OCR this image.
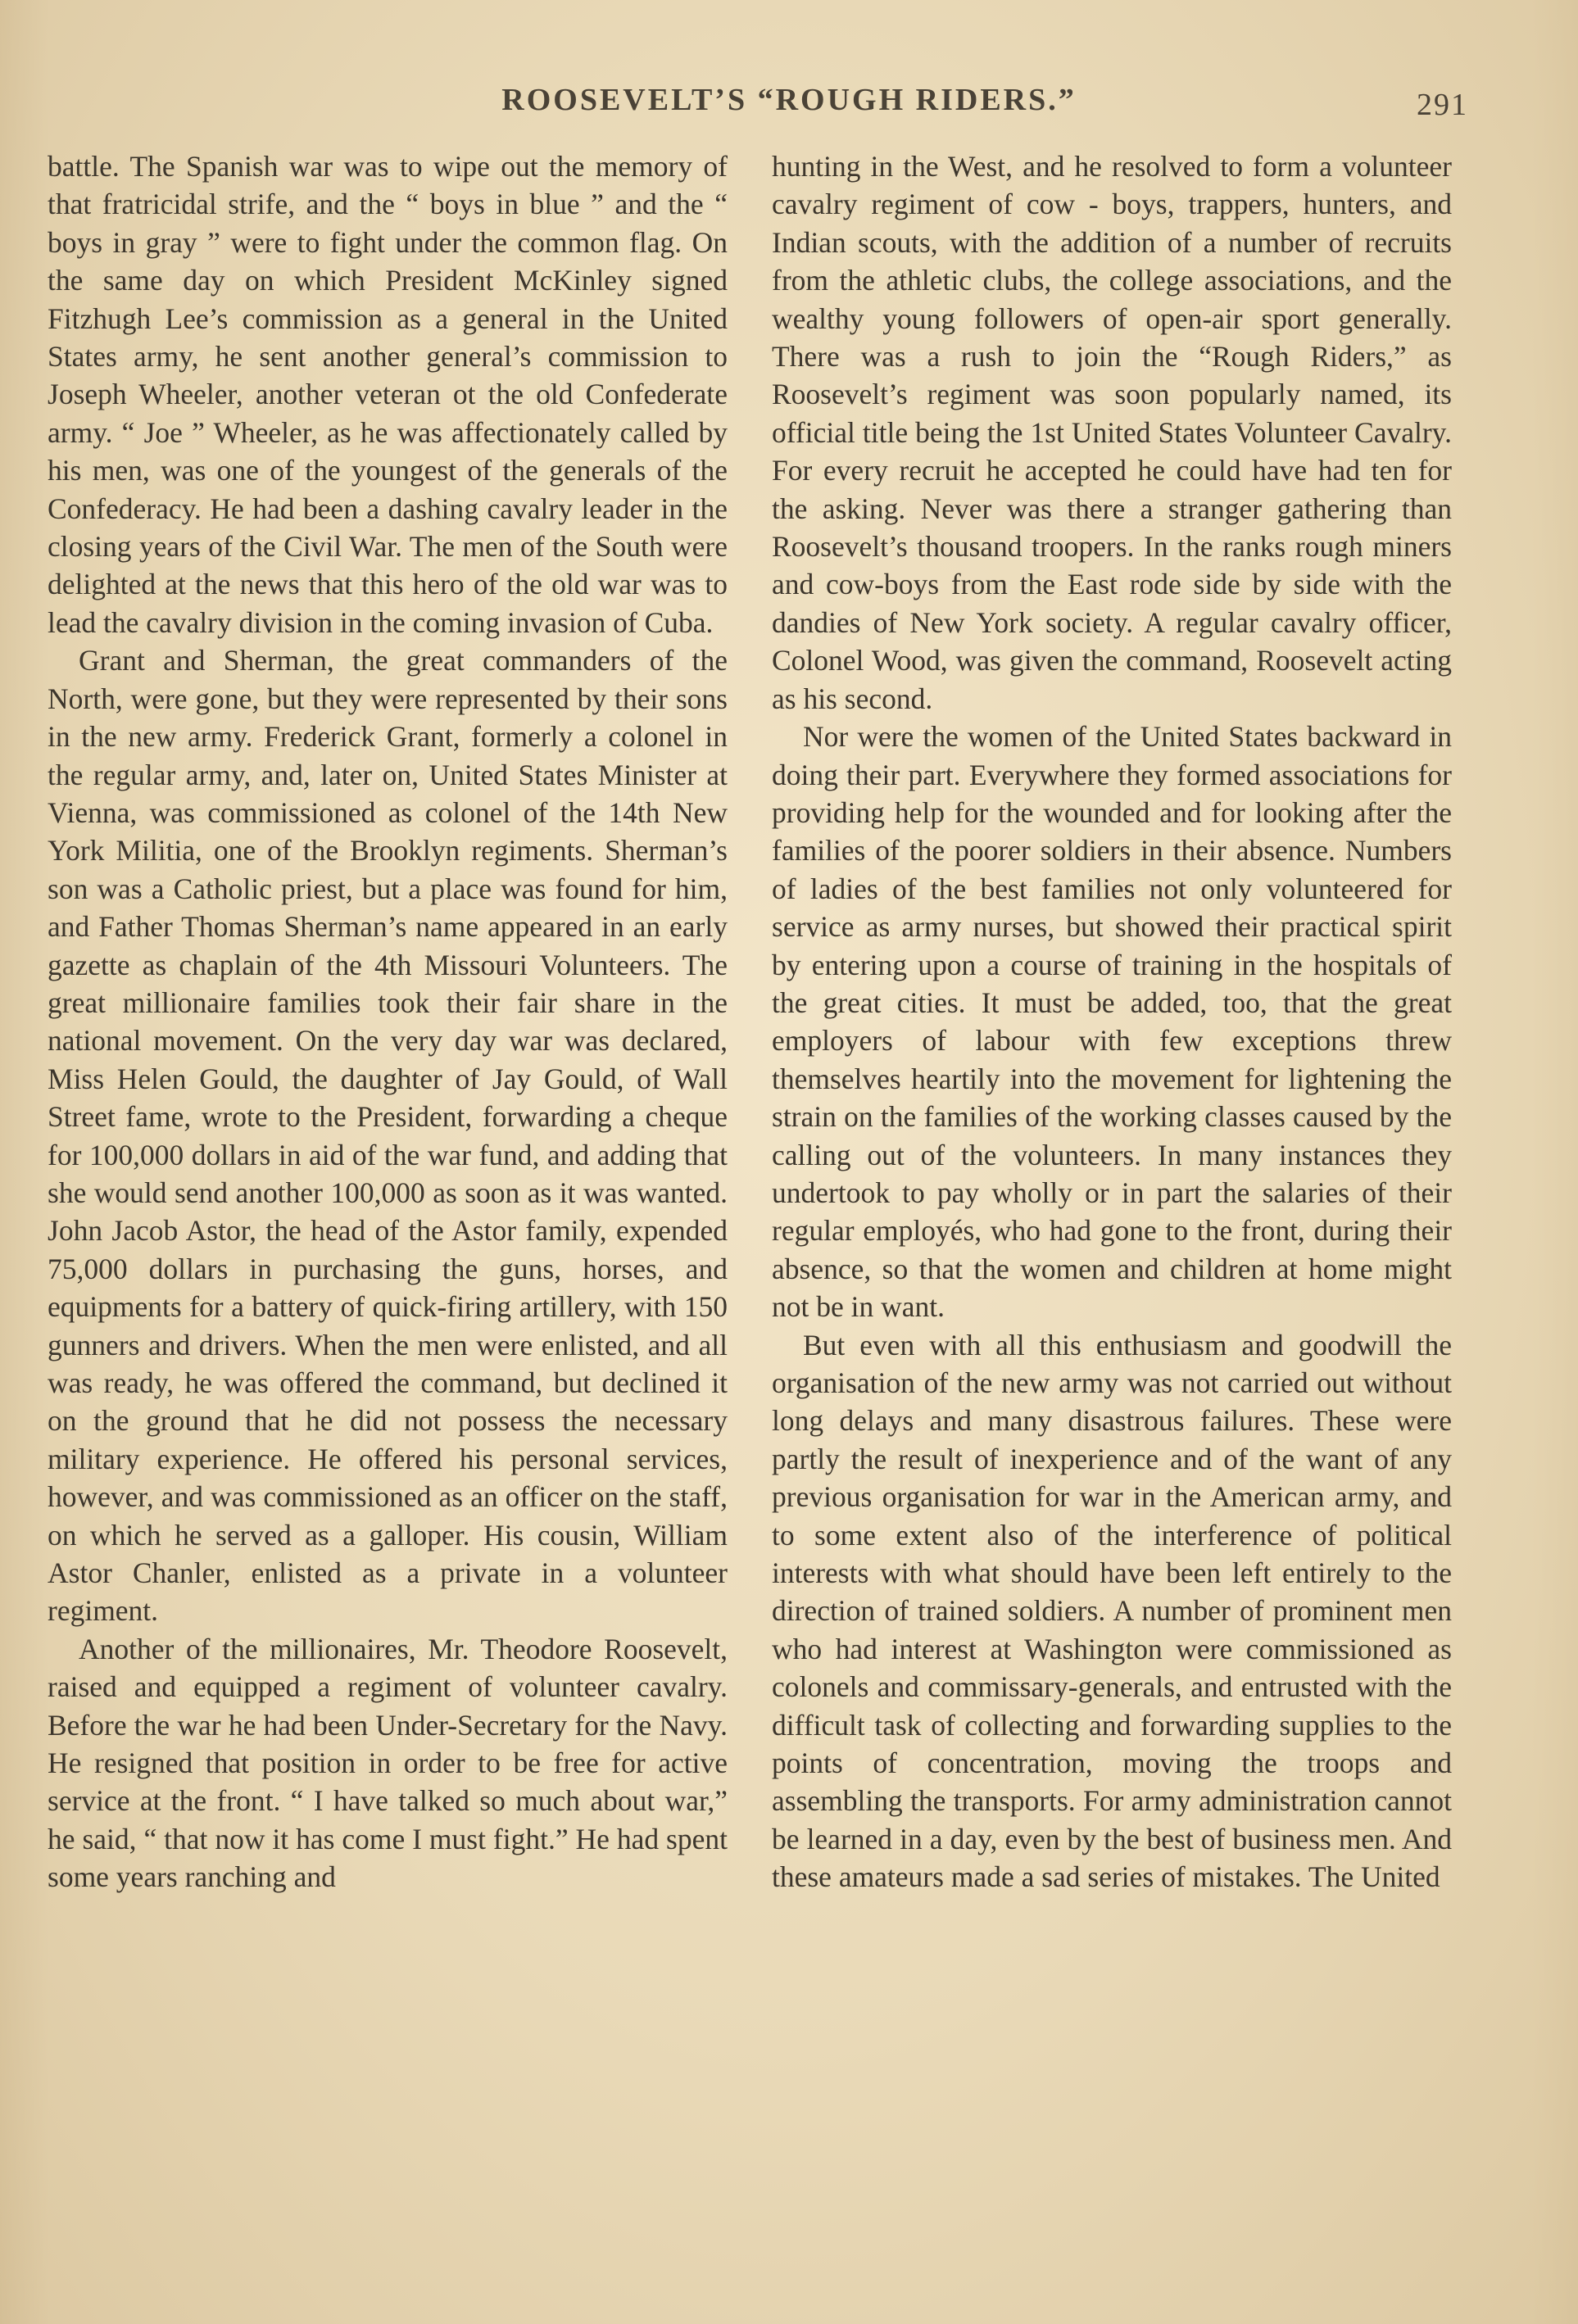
ROOSEVELT’S “ROUGH RIDERS.”	291

battle. The Spanish war was to wipe out the memory of that fratricidal strife, and the “ boys in blue ” and the “ boys in gray ” were to fight under the common flag. On the same day on which President McKinley signed Fitzhugh Lee’s commission as a general in the United States army, he sent another general’s commission to Joseph Wheeler, another veteran ot the old Confederate army. “ Joe ” Wheeler, as he was affectionately called by his men, was one of the youngest of the generals of the Confederacy. He had been a dashing cavalry leader in the closing years of the Civil War. The men of the South were delighted at the news that this hero of the old war was to lead the cavalry division in the coming invasion of Cuba.

Grant and Sherman, the great commanders of the North, were gone, but they were represented by their sons in the new army. Frederick Grant, formerly a colonel in the regular army, and, later on, United States Minister at Vienna, was commissioned as colonel of the 14th New York Militia, one of the Brooklyn regiments. Sherman’s son was a Catholic priest, but a place was found for him, and Father Thomas Sherman’s name appeared in an early gazette as chaplain of the 4th Missouri Volunteers. The great millionaire families took their fair share in the national movement. On the very day war was declared, Miss Helen Gould, the daughter of Jay Gould, of Wall Street fame, wrote to the President, forwarding a cheque for 100,000 dollars in aid of the war fund, and adding that she would send another 100,000 as soon as it was wanted. John Jacob Astor, the head of the Astor family, expended 75,000 dollars in purchasing the guns, horses, and equipments for a battery of quick-firing artillery, with 150 gunners and drivers. When the men were enlisted, and all was ready, he was offered the command, but declined it on the ground that he did not possess the necessary military experience. He offered his personal services, however, and was commissioned as an officer on the staff, on which he served as a galloper. His cousin, William Astor Chanler, enlisted as a private in a volunteer regiment.

Another of the millionaires, Mr. Theodore Roosevelt, raised and equipped a regiment of volunteer cavalry. Before the war he had been Under-Secretary for the Navy. He resigned that position in order to be free for active service at the front. “ I have talked so much about war,” he said, “ that now it has come I must fight.” He had spent some years ranching and

hunting in the West, and he resolved to form a volunteer cavalry regiment of cow - boys, trappers, hunters, and Indian scouts, with the addition of a number of recruits from the athletic clubs, the college associations, and the wealthy young followers of open-air sport generally. There was a rush to join the “Rough Riders,” as Roosevelt’s regiment was soon popularly named, its official title being the 1st United States Volunteer Cavalry. For every recruit he accepted he could have had ten for the asking. Never was there a stranger gathering than Roosevelt’s thousand troopers. In the ranks rough miners and cow-boys from the East rode side by side with the dandies of New York society. A regular cavalry officer, Colonel Wood, was given the command, Roosevelt acting as his second.

Nor were the women of the United States backward in doing their part. Everywhere they formed associations for providing help for the wounded and for looking after the families of the poorer soldiers in their absence. Numbers of ladies of the best families not only volunteered for service as army nurses, but showed their practical spirit by entering upon a course of training in the hospitals of the great cities. It must be added, too, that the great employers of labour with few exceptions threw themselves heartily into the movement for lightening the strain on the families of the working classes caused by the calling out of the volunteers. In many instances they undertook to pay wholly or in part the salaries of their regular employés, who had gone to the front, during their absence, so that the women and children at home might not be in want.

But even with all this enthusiasm and goodwill the organisation of the new army was not carried out without long delays and many disastrous failures. These were partly the result of inexperience and of the want of any previous organisation for war in the American army, and to some extent also of the interference of political interests with what should have been left entirely to the direction of trained soldiers. A number of prominent men who had interest at Washington were commissioned as colonels and commissary-generals, and entrusted with the difficult task of collecting and forwarding supplies to the points of concentration, moving the troops and assembling the transports. For army administration cannot be learned in a day, even by the best of business men. And these amateurs made a sad series of mistakes. The United
